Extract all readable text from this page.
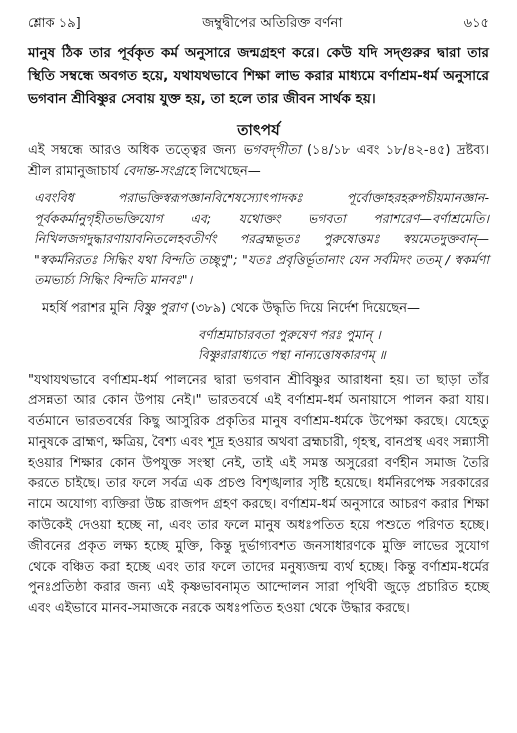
শ্লোক ১৯]	জম্বুদ্বীপের অতিরিক্ত বর্ণনা	৬১৫
মানুষ ঠিক তার পূর্বকৃত কর্ম অনুসারে জন্মগ্রহণ করে। কেউ যদি সদ্‌গুরুর দ্বারা তার স্থিতি সম্বন্ধে অবগত হয়ে, যথাযথভাবে শিক্ষা লাভ করার মাধ্যমে বর্ণাশ্রম-ধর্ম অনুসারে ভগবান শ্রীবিষ্ণুর সেবায় যুক্ত হয়, তা হলে তার জীবন সার্থক হয়।
তাৎপর্য
এই সম্বন্ধে আরও অধিক তত্ত্বের জন্য ভগবদ্‌গীতা (১৪/১৮ এবং ১৮/৪২-৪৫) দ্রষ্টব্য। শ্রীল রামানুজাচার্য বেদান্ত-সংগ্রহে লিখেছেন—
এবংবিধ পরাভক্তিস্বরূপজ্ঞানবিশেষস্যোৎপাদকঃ পূর্বোক্তাহরহরুপচীয়মানজ্ঞান-পূর্বককর্মানুগৃহীতভক্তিযোগ এব; যথোক্তং ভগবতা পরাশরেণ—বর্ণাশ্রমেতি। নিখিলজগদুদ্ধারণায়াবনিতলেহবতীর্ণং পরব্রহ্মভূতঃ পুরুষোত্তমঃ স্বয়মেতদুক্তবান্— "স্বকর্মনিরতঃ সিদ্ধিং যথা বিন্দতি তচ্ছৃণু"; "যতঃ প্রবৃত্তির্ভূতানাং যেন সর্বমিদং ততম্ / স্বকর্মণা তমভ্যর্চ্য সিদ্ধিং বিন্দতি মানবঃ"।
মহর্ষি পরাশর মুনি বিষ্ণু পুরাণ (৩৮৯) থেকে উদ্ধৃতি দিয়ে নির্দেশ দিয়েছেন—
বর্ণাশ্রমাচারবতা পুরুষেণ পরঃ পুমান্‌ ।
বিষ্ণুরারাধ্যতে পন্থা নান্যত্তোষকারণম্‌ ॥
"যথাযথভাবে বর্ণাশ্রম-ধর্ম পালনের দ্বারা ভগবান শ্রীবিষ্ণুর আরাধনা হয়। তা ছাড়া তাঁর প্রসন্নতা আর কোন উপায় নেই।" ভারতবর্ষে এই বর্ণাশ্রম-ধর্ম অনায়াসে পালন করা যায়। বর্তমানে ভারতবর্ষের কিছু আসুরিক প্রকৃতির মানুষ বর্ণাশ্রম-ধর্মকে উপেক্ষা করছে। যেহেতু মানুষকে ব্রাহ্মণ, ক্ষত্রিয়, বৈশ্য এবং শূদ্র হওয়ার অথবা ব্রহ্মচারী, গৃহস্থ, বানপ্রস্থ এবং সন্ন্যাসী হওয়ার শিক্ষার কোন উপযুক্ত সংস্থা নেই, তাই এই সমস্ত অসুরেরা বর্ণহীন সমাজ তৈরি করতে চাইছে। তার ফলে সর্বত্র এক প্রচণ্ড বিশৃঙ্খলার সৃষ্টি হয়েছে। ধর্মনিরপেক্ষ সরকারের নামে অযোগ্য ব্যক্তিরা উচ্চ রাজপদ গ্রহণ করছে। বর্ণাশ্রম-ধর্ম অনুসারে আচরণ করার শিক্ষা কাউকেই দেওয়া হচ্ছে না, এবং তার ফলে মানুষ অধঃপতিত হয়ে পশুতে পরিণত হচ্ছে। জীবনের প্রকৃত লক্ষ্য হচ্ছে মুক্তি, কিন্তু দুর্ভাগ্যবশত জনসাধারণকে মুক্তি লাভের সুযোগ থেকে বঞ্চিত করা হচ্ছে এবং তার ফলে তাদের মনুষ্যজন্ম ব্যর্থ হচ্ছে। কিন্তু বর্ণাশ্রম-ধর্মের পুনঃপ্রতিষ্ঠা করার জন্য এই কৃষ্ণভাবনামৃত আন্দোলন সারা পৃথিবী জুড়ে প্রচারিত হচ্ছে এবং এইভাবে মানব-সমাজকে নরকে অধঃপতিত হওয়া থেকে উদ্ধার করছে।
